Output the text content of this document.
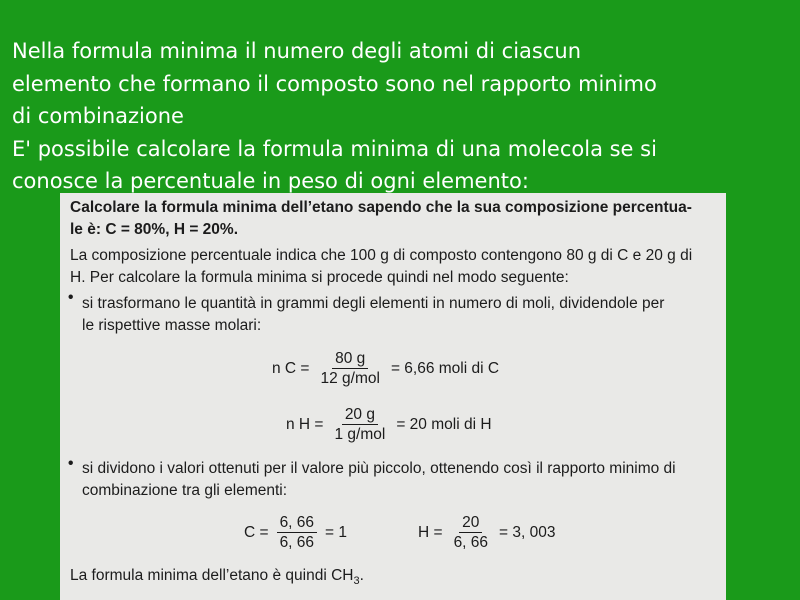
Nella formula minima il numero degli atomi di ciascun
elemento che formano il composto sono nel rapporto minimo
di combinazione
E' possibile calcolare la formula minima di una molecola se si
conosce la percentuale in peso di ogni elemento:
Calcolare la formula minima dell’etano sapendo che la sua composizione percentua-
le è: C = 80%, H = 20%.
La composizione percentuale indica che 100 g di composto contengono 80 g di C e 20 g di
H. Per calcolare la formula minima si procede quindi nel modo seguente:
• si trasformano le quantità in grammi degli elementi in numero di moli, dividendole per
le rispettive masse molari:
n $C = \frac{80 g}{\text{12 g/mol}} = 6,66$ moli di C
n $H = \frac{20 g}{\text{1 g/mol}} = 20$ moli di H
• si dividono i valori ottenuti per il valore più piccolo, ottenendo così il rapporto minimo di
combinazione tra gli elementi:
$C = \frac{6, 66}{6, 66} = 1$	$H = \frac{20}{6, 66} = 3$, 003
La formula minima dell’etano è quindi $CH_3$.
